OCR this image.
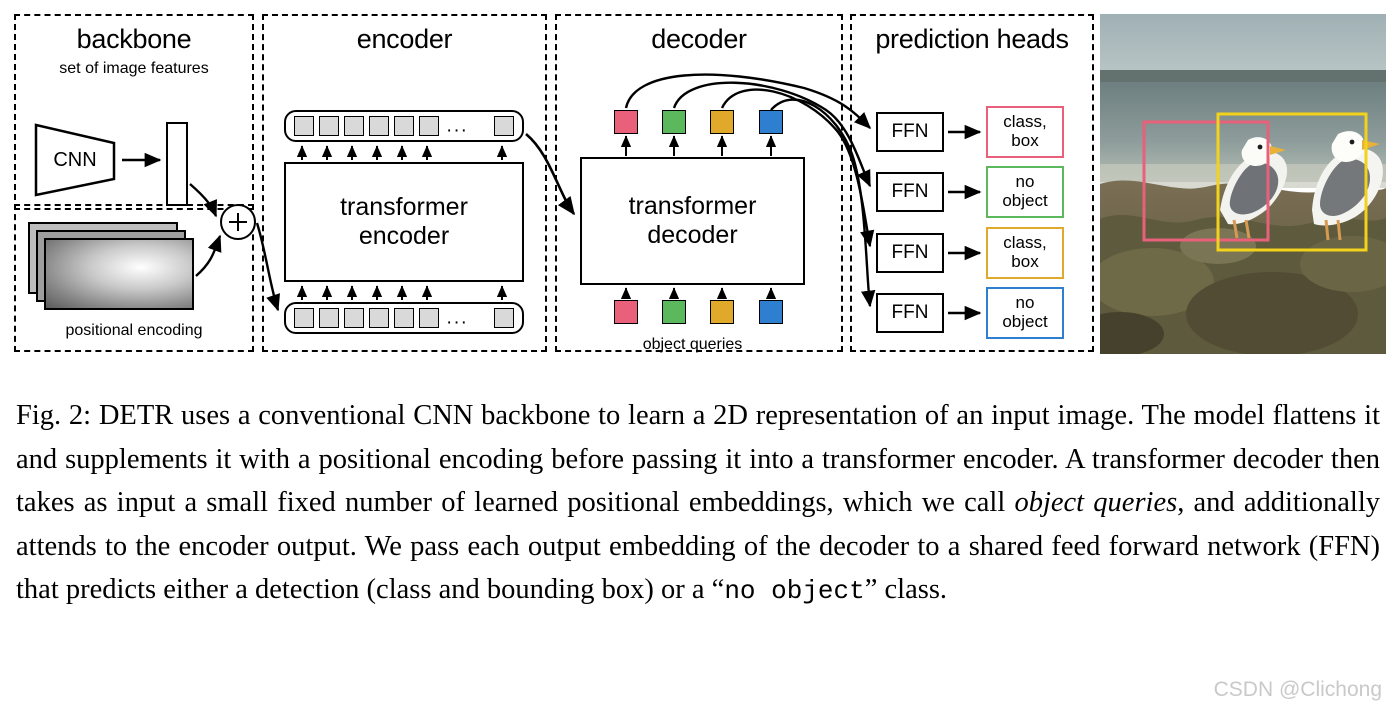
backbone	encoder	decoder	prediction heads
set of image features
CNN
positional encoding
···
transformer
encoder
···
transformer
decoder
object queries
FFN
FFN
FFN
FFN
class,
box
no
object
class,
box
no
object
Fig. 2: DETR uses a conventional CNN backbone to learn a 2D representation of an input image. The model flattens it and supplements it with a positional encoding before passing it into a transformer encoder. A transformer decoder then takes as input a small fixed number of learned positional embeddings, which we call object queries, and additionally attends to the encoder output. We pass each output embedding of the decoder to a shared feed forward network (FFN) that predicts either a detection (class and bounding box) or a “no object” class.
CSDN @Clichong
